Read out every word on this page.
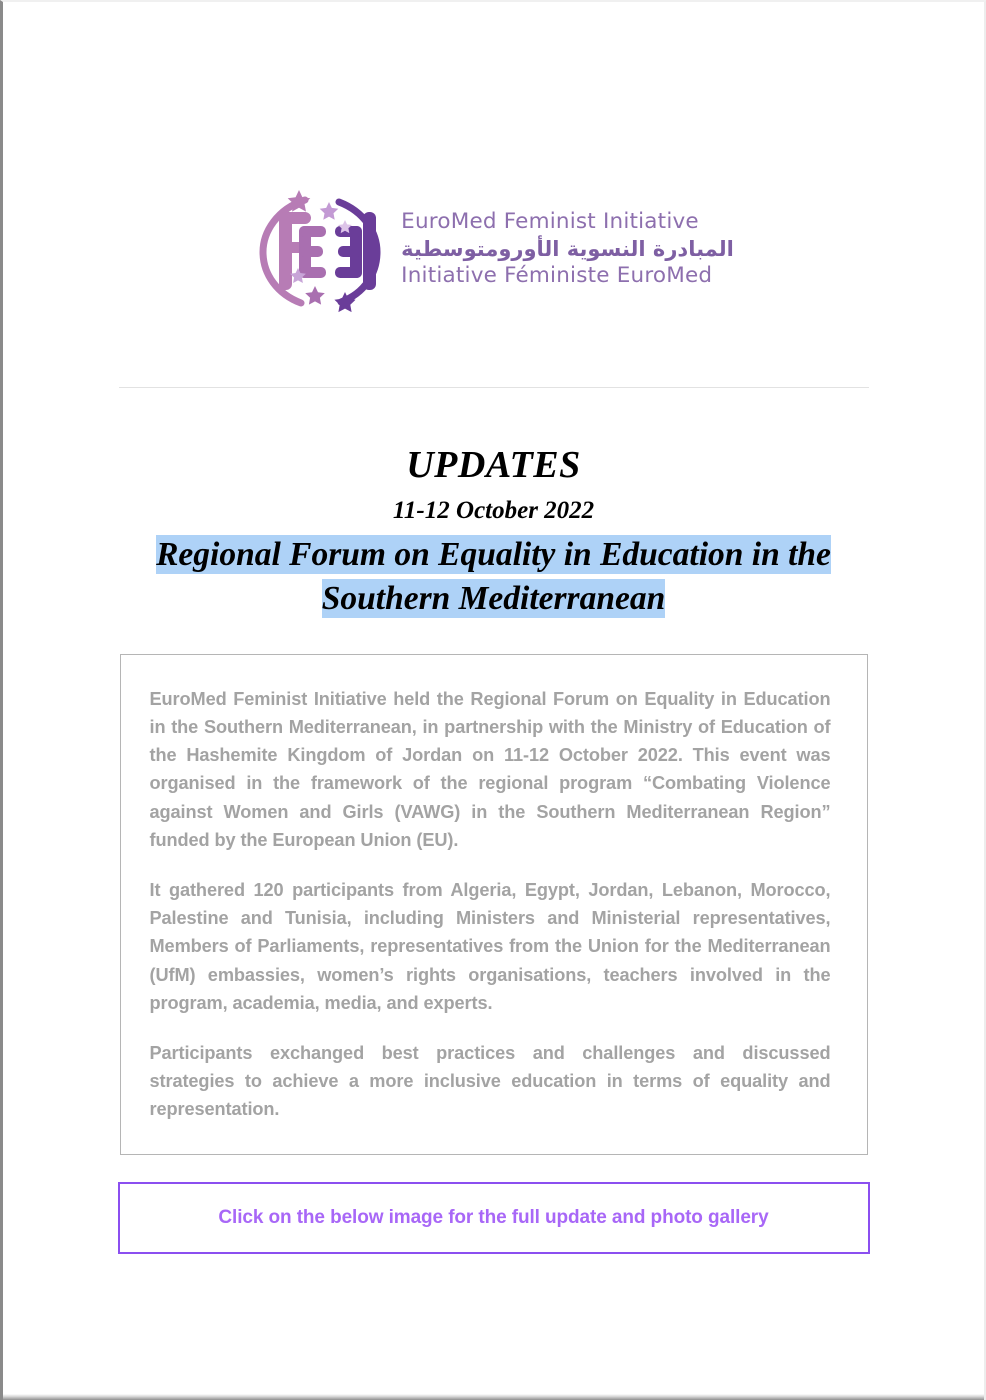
EuroMed Feminist Initiative
المبادرة النسوية الأورومتوسطية
Initiative Féministe EuroMed
UPDATES
11-12 October 2022
Regional Forum on Equality in Education in the Southern Mediterranean

EuroMed Feminist Initiative held the Regional Forum on Equality in Education in the Southern Mediterranean, in partnership with the Ministry of Education of the Hashemite Kingdom of Jordan on 11-12 October 2022. This event was organised in the framework of the regional program “Combating Violence against Women and Girls (VAWG) in the Southern Mediterranean Region” funded by the European Union (EU).

It gathered 120 participants from Algeria, Egypt, Jordan, Lebanon, Morocco, Palestine and Tunisia, including Ministers and Ministerial representatives, Members of Parliaments, representatives from the Union for the Mediterranean (UfM) embassies, women’s rights organisations, teachers involved in the program, academia, media, and experts.

Participants exchanged best practices and challenges and discussed strategies to achieve a more inclusive education in terms of equality and representation.

Click on the below image for the full update and photo gallery
